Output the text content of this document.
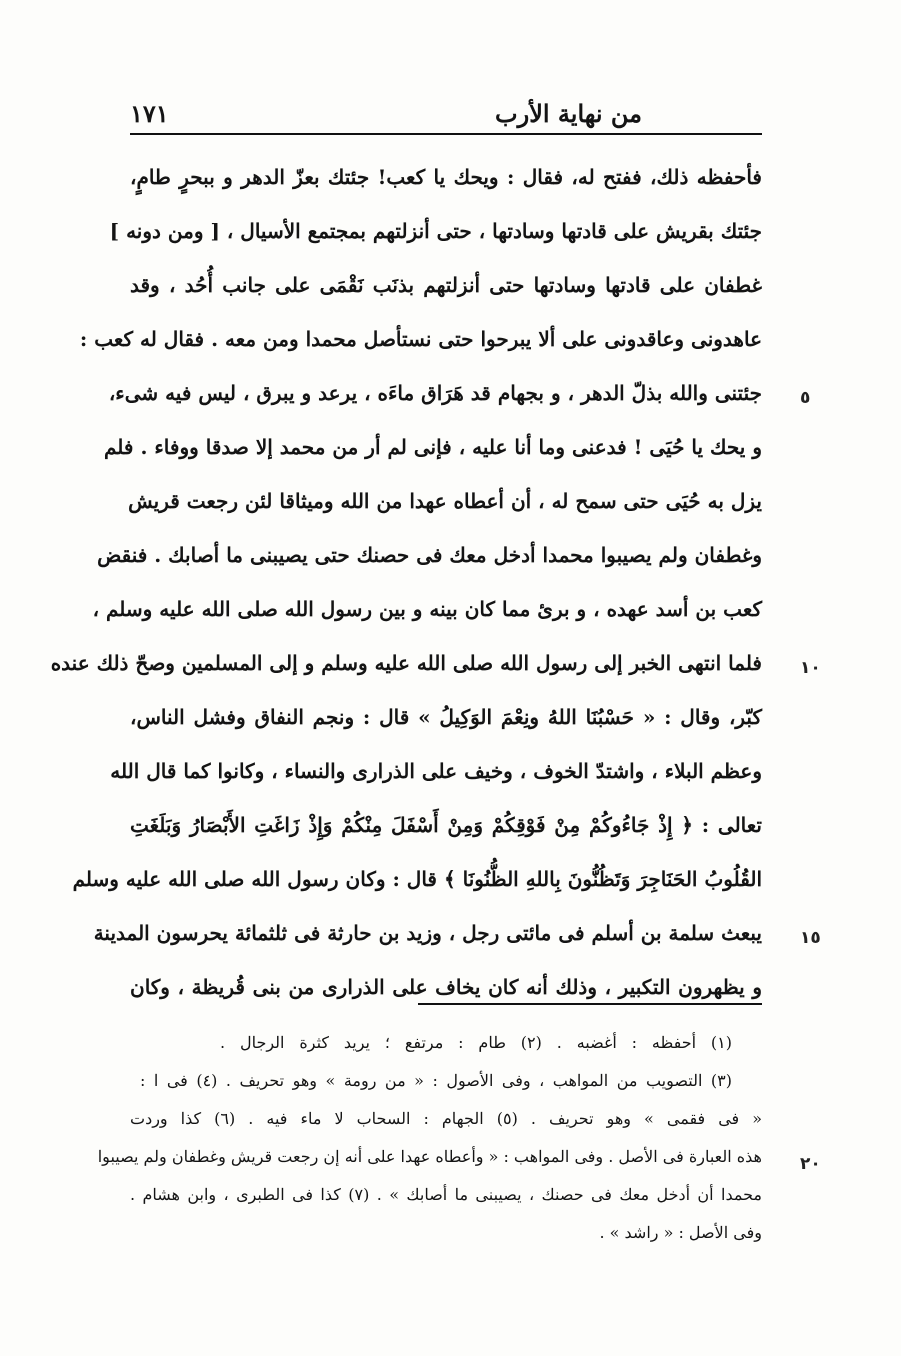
١٧١	من نهاية الأرب
فأحفظه ذلك، ففتح له، فقال : ويحك يا كعب! جئتك بعزّ الدهر و ببحرٍ طامٍ،
جئتك بقريش على قادتها وسادتها ، حتى أنزلتهم بمجتمع الأسيال ، [ ومن دونه ]
غطفان على قادتها وسادتها حتى أنزلتهم بذنَب نَقْمَى على جانب أُحُد ، وقد
عاهدونى وعاقدونى على ألا يبرحوا حتى نستأصل محمدا ومن معه . فقال له كعب :
جئتنى والله بذلّ الدهر ، و بجهام قد هَرَاق ماءَه ، يرعد و يبرق ، ليس فيه شىء،
و يحك يا حُيَى ! فدعنى وما أنا عليه ، فإنى لم أر من محمد إلا صدقا ووفاء . فلم
يزل به حُيَى حتى سمح له ، أن أعطاه عهدا من الله وميثاقا لئن رجعت قريش
وغطفان ولم يصيبوا محمدا أدخل معك فى حصنك حتى يصيبنى ما أصابك . فنقض
كعب بن أسد عهده ، و برئ مما كان بينه و بين رسول الله صلى الله عليه وسلم ،
فلما انتهى الخبر إلى رسول الله صلى الله عليه وسلم و إلى المسلمين وصحّ ذلك عنده
كبّر، وقال : « حَسْبُنَا اللهُ ونِعْمَ الوَكِيلُ » قال : ونجم النفاق وفشل الناس،
وعظم البلاء ، واشتدّ الخوف ، وخيف على الذرارى والنساء ، وكانوا كما قال الله
تعالى : ﴿ إِذْ جَاءُوكُمْ مِنْ فَوْقِكُمْ وَمِنْ أَسْفَلَ مِنْكُمْ وَإِذْ زَاغَتِ الأَبْصَارُ وَبَلَغَتِ
القُلُوبُ الحَنَاجِرَ وَتَظُنُّونَ بِاللهِ الظُّنُونَا ﴾ قال : وكان رسول الله صلى الله عليه وسلم
يبعث سلمة بن أسلم فى مائتى رجل ، وزيد بن حارثة فى ثلثمائة يحرسون المدينة
و يظهرون التكبير ، وذلك أنه كان يخاف على الذرارى من بنى قُريظة ، وكان
(١) أحفظه : أغضبه . (٢) طام : مرتفع ؛ يريد كثرة الرجال .
(٣) التصويب من المواهب ، وفى الأصول : « من رومة » وهو تحريف . (٤) فى ا :
« فى فقمى » وهو تحريف . (٥) الجهام : السحاب لا ماء فيه . (٦) كذا وردت
هذه العبارة فى الأصل . وفى المواهب : « وأعطاه عهدا على أنه إن رجعت قريش وغطفان ولم يصيبوا
محمدا أن أدخل معك فى حصنك ، يصيبنى ما أصابك » . (٧) كذا فى الطبرى ، وابن هشام .
وفى الأصل : « راشد » .
٥
١٠
١٥
٢٠
